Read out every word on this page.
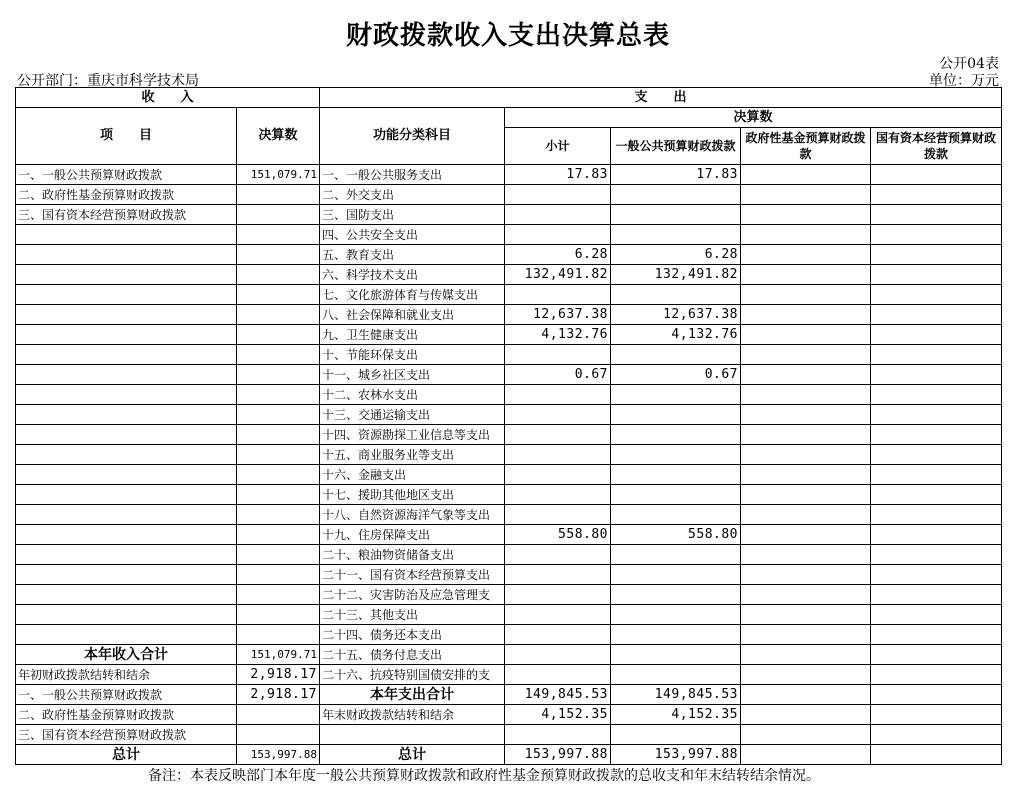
财政拨款收入支出决算总表
公开04表
公开部门：重庆市科学技术局	单位：万元
收　　入		支　　出				
项　　目	决算数	功能分类科目	决算数			
			小计	一般公共预算财政拨款	政府性基金预算财政拨款	国有资本经营预算财政拨款
一、一般公共预算财政拨款	151,079.71	一、一般公共服务支出	17.83	17.83		
二、政府性基金预算财政拨款		二、外交支出				
三、国有资本经营预算财政拨款		三、国防支出				
		四、公共安全支出				
		五、教育支出	6.28	6.28		
		六、科学技术支出	132,491.82	132,491.82		
		七、文化旅游体育与传媒支出				
		八、社会保障和就业支出	12,637.38	12,637.38		
		九、卫生健康支出	4,132.76	4,132.76		
		十、节能环保支出				
		十一、城乡社区支出	0.67	0.67		
		十二、农林水支出				
		十三、交通运输支出				
		十四、资源勘探工业信息等支出				
		十五、商业服务业等支出				
		十六、金融支出				
		十七、援助其他地区支出				
		十八、自然资源海洋气象等支出				
		十九、住房保障支出	558.80	558.80		
		二十、粮油物资储备支出				
		二十一、国有资本经营预算支出				
		二十二、灾害防治及应急管理支				
		二十三、其他支出				
		二十四、债务还本支出				
本年收入合计	151,079.71	二十五、债务付息支出				
年初财政拨款结转和结余	2,918.17	二十六、抗疫特别国债安排的支				
一、一般公共预算财政拨款	2,918.17	本年支出合计	149,845.53	149,845.53		
二、政府性基金预算财政拨款		年末财政拨款结转和结余	4,152.35	4,152.35		
三、国有资本经营预算财政拨款						
总计	153,997.88	总计	153,997.88	153,997.88		
备注：本表反映部门本年度一般公共预算财政拨款和政府性基金预算财政拨款的总收支和年末结转结余情况。
